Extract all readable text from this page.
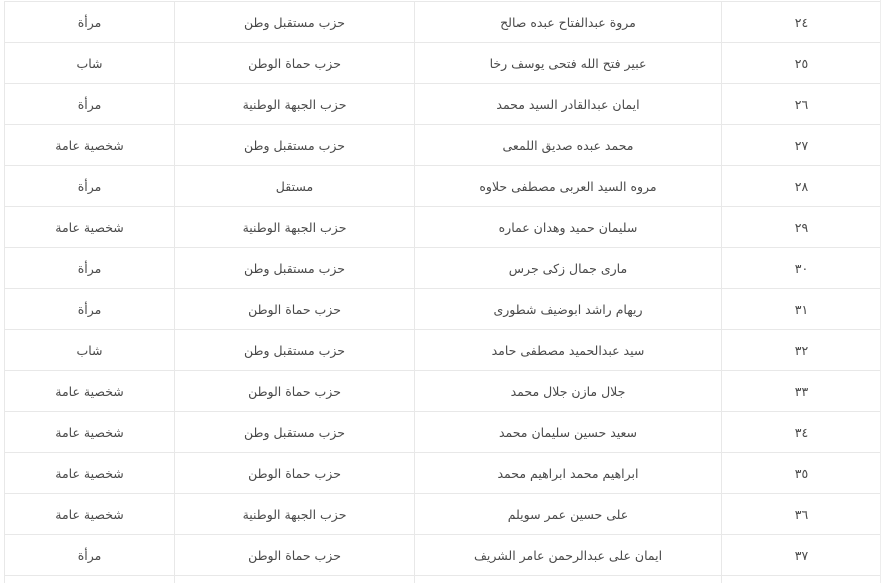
٢٤	مروة عبدالفتاح عبده صالح	حزب مستقبل وطن	مرأة
٢٥	عبير فتح الله فتحى يوسف رخا	حزب حماة الوطن	شاب
٢٦	ايمان عبدالقادر السيد محمد	حزب الجبهة الوطنية	مرأة
٢٧	محمد عبده صديق اللمعى	حزب مستقبل وطن	شخصية عامة
٢٨	مروه السيد العربى مصطفى حلاوه	مستقل	مرأة
٢٩	سليمان حميد وهدان عماره	حزب الجبهة الوطنية	شخصية عامة
٣٠	مارى جمال زكى جرس	حزب مستقبل وطن	مرأة
٣١	ريهام راشد ابوضيف شطورى	حزب حماة الوطن	مرأة
٣٢	سيد عبدالحميد مصطفى حامد	حزب مستقبل وطن	شاب
٣٣	جلال مازن جلال محمد	حزب حماة الوطن	شخصية عامة
٣٤	سعيد حسين سليمان محمد	حزب مستقبل وطن	شخصية عامة
٣٥	ابراهيم محمد ابراهيم محمد	حزب حماة الوطن	شخصية عامة
٣٦	على حسين عمر سويلم	حزب الجبهة الوطنية	شخصية عامة
٣٧	ايمان على عبدالرحمن عامر الشريف	حزب حماة الوطن	مرأة
